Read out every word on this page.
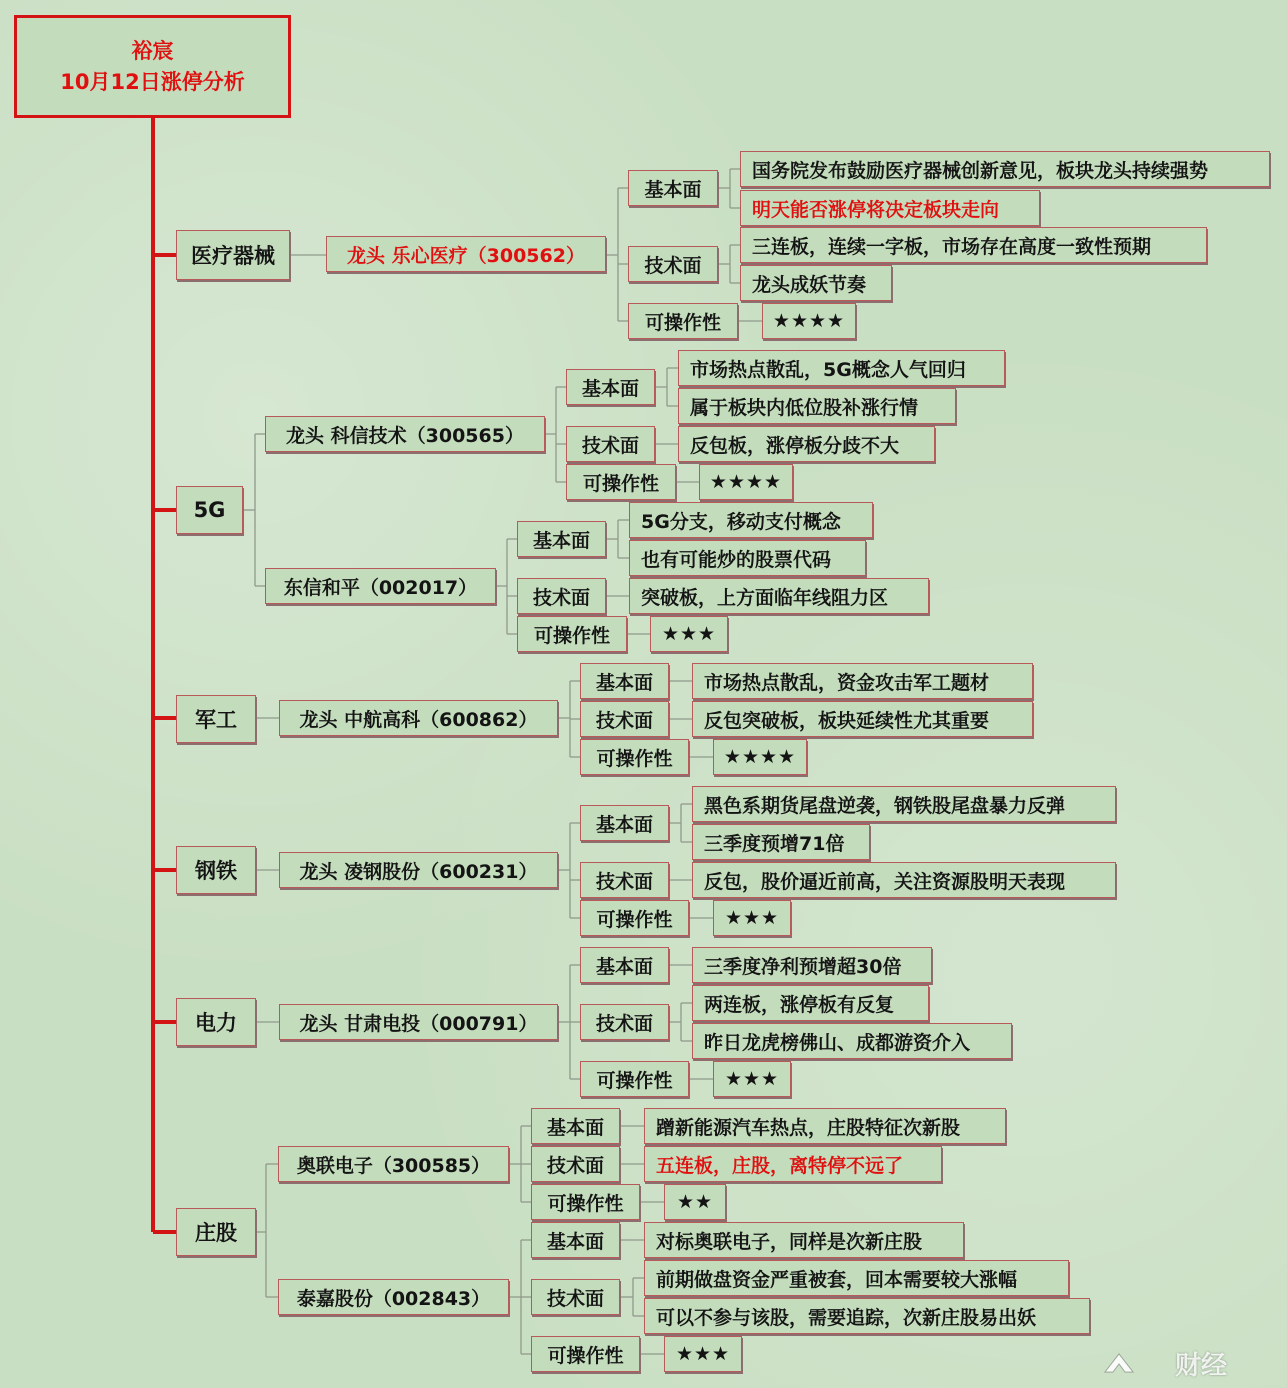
裕宸
10月12日涨停分析
医疗器械	龙头 乐心医疗（300562）
基本面
国务院发布鼓励医疗器械创新意见，板块龙头持续强势
明天能否涨停将决定板块走向
技术面
三连板，连续一字板，市场存在高度一致性预期
龙头成妖节奏
可操作性	★★★★
5G
龙头 科信技术（300565）
基本面
市场热点散乱，5G概念人气回归
属于板块内低位股补涨行情
技术面	反包板，涨停板分歧不大
可操作性	★★★★
东信和平（002017）
基本面
5G分支，移动支付概念
也有可能炒的股票代码
技术面	突破板，上方面临年线阻力区
可操作性	★★★
军工	龙头 中航高科（600862）
基本面	市场热点散乱，资金攻击军工题材
技术面	反包突破板，板块延续性尤其重要
可操作性	★★★★
钢铁	龙头 凌钢股份（600231）
基本面
黑色系期货尾盘逆袭，钢铁股尾盘暴力反弹
三季度预增71倍
技术面	反包，股价逼近前高，关注资源股明天表现
可操作性	★★★
电力	龙头 甘肃电投（000791）
基本面	三季度净利预增超30倍
技术面
两连板，涨停板有反复
昨日龙虎榜佛山、成都游资介入
可操作性	★★★
庄股
奥联电子（300585）
基本面	蹭新能源汽车热点，庄股特征次新股
技术面	五连板，庄股，离特停不远了
可操作性	★★
泰嘉股份（002843）
基本面	对标奥联电子，同样是次新庄股
技术面
前期做盘资金严重被套，回本需要较大涨幅
可以不参与该股，需要追踪，次新庄股易出妖
可操作性	★★★	财经
